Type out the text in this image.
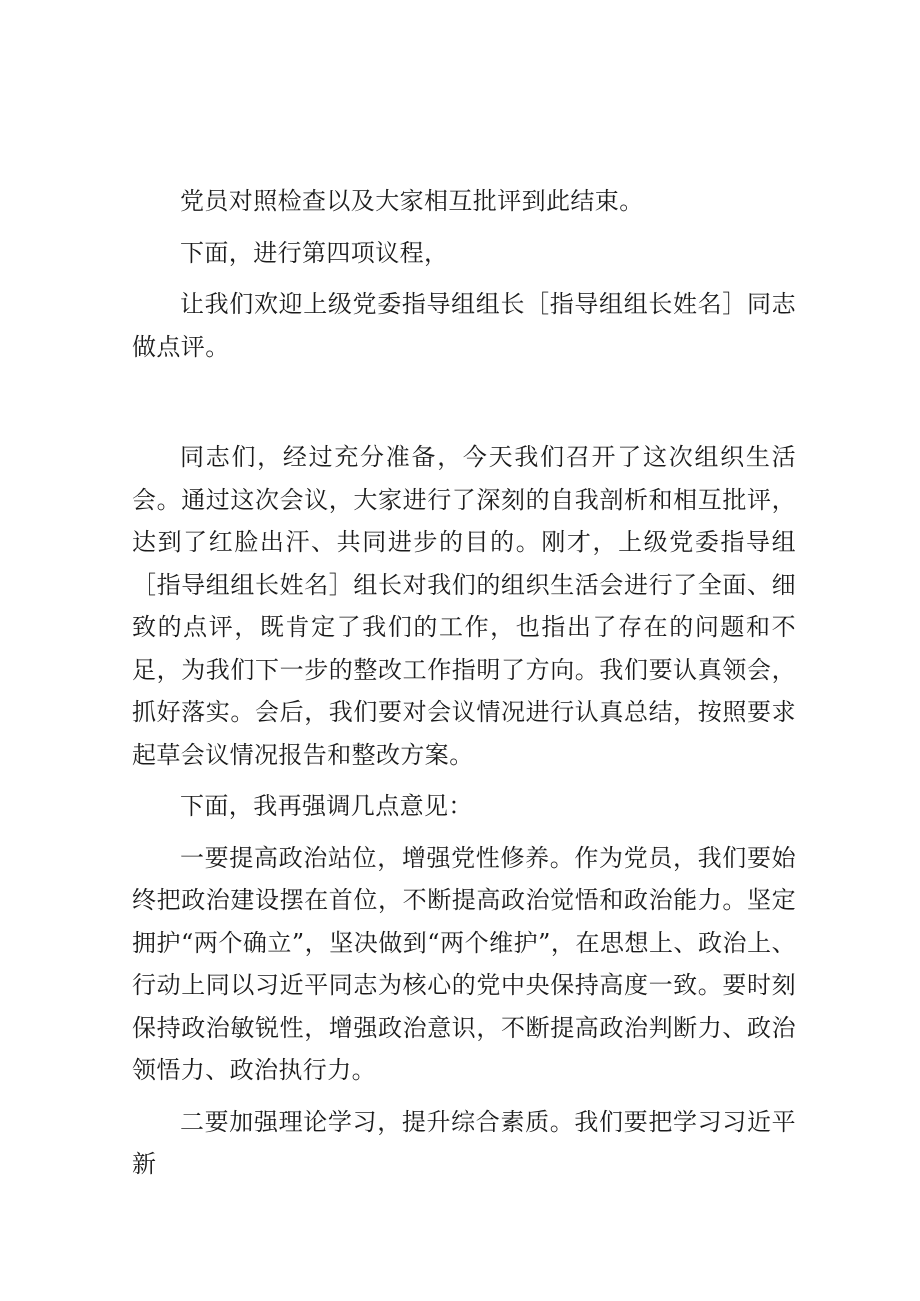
党员对照检查以及大家相互批评到此结束。

下面，进行第四项议程，

让我们欢迎上级党委指导组组长［指导组组长姓名］同志做点评。

同志们，经过充分准备，今天我们召开了这次组织生活会。通过这次会议，大家进行了深刻的自我剖析和相互批评，达到了红脸出汗、共同进步的目的。刚才，上级党委指导组［指导组组长姓名］组长对我们的组织生活会进行了全面、细致的点评，既肯定了我们的工作，也指出了存在的问题和不足，为我们下一步的整改工作指明了方向。我们要认真领会，抓好落实。会后，我们要对会议情况进行认真总结，按照要求起草会议情况报告和整改方案。

下面，我再强调几点意见：

一要提高政治站位，增强党性修养。作为党员，我们要始终把政治建设摆在首位，不断提高政治觉悟和政治能力。坚定拥护“两个确立”，坚决做到“两个维护”，在思想上、政治上、行动上同以习近平同志为核心的党中央保持高度一致。要时刻保持政治敏锐性，增强政治意识，不断提高政治判断力、政治领悟力、政治执行力。

二要加强理论学习，提升综合素质。我们要把学习习近平新
